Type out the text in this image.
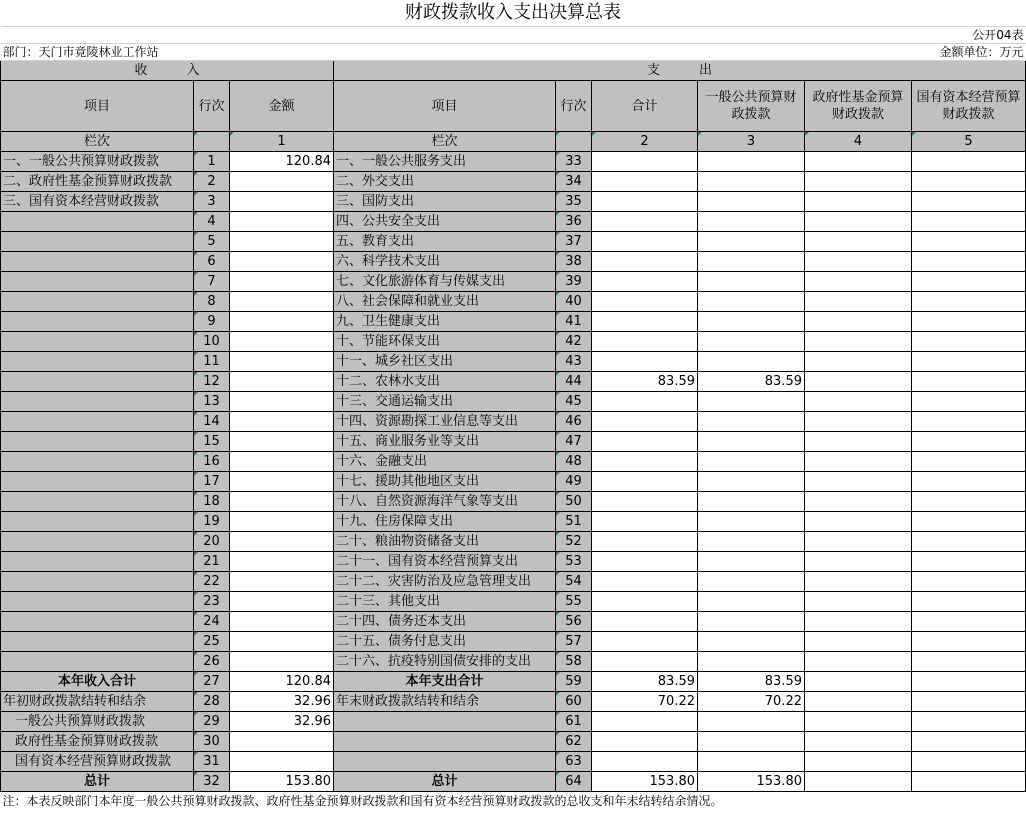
财政拨款收入支出决算总表								
								公开04表
部门：天门市竟陵林业工作站								金额单位：万元
收　　　入			支　　　出					
项目	行次	金额	项目	行次	合计	一般公共预算财政拨款	政府性基金预算财政拨款	国有资本经营预算财政拨款
栏次		1	栏次		2	3	4	5
一、一般公共预算财政拨款	1	120.84	一、一般公共服务支出	33				
二、政府性基金预算财政拨款	2		二、外交支出	34				
三、国有资本经营财政拨款	3		三、国防支出	35				
	4		四、公共安全支出	36				
	5		五、教育支出	37				
	6		六、科学技术支出	38				
	7		七、文化旅游体育与传媒支出	39				
	8		八、社会保障和就业支出	40				
	9		九、卫生健康支出	41				
	10		十、节能环保支出	42				
	11		十一、城乡社区支出	43				
	12		十二、农林水支出	44	83.59	83.59		
	13		十三、交通运输支出	45				
	14		十四、资源勘探工业信息等支出	46				
	15		十五、商业服务业等支出	47				
	16		十六、金融支出	48				
	17		十七、援助其他地区支出	49				
	18		十八、自然资源海洋气象等支出	50				
	19		十九、住房保障支出	51				
	20		二十、粮油物资储备支出	52				
	21		二十一、国有资本经营预算支出	53				
	22		二十二、灾害防治及应急管理支出	54				
	23		二十三、其他支出	55				
	24		二十四、债务还本支出	56				
	25		二十五、债务付息支出	57				
	26		二十六、抗疫特别国债安排的支出	58				
本年收入合计	27	120.84	本年支出合计	59	83.59	83.59		
年初财政拨款结转和结余	28	32.96	年末财政拨款结转和结余	60	70.22	70.22		
一般公共预算财政拨款	29	32.96		61				
政府性基金预算财政拨款	30			62				
国有资本经营预算财政拨款	31			63				
总计	32	153.80	总计	64	153.80	153.80		
注：本表反映部门本年度一般公共预算财政拨款、政府性基金预算财政拨款和国有资本经营预算财政拨款的总收支和年末结转结余情况。								
